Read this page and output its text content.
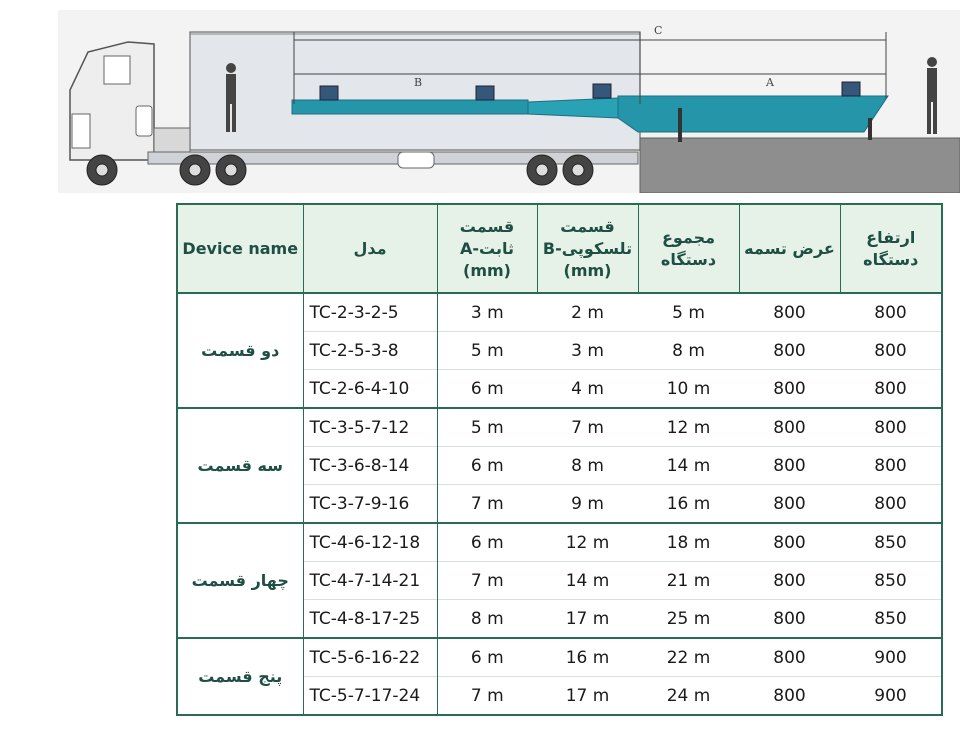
C
B	A
Device name	مدل	قسمت ثابت-A (mm)	قسمت تلسکوپی-B (mm)	مجموع دستگاه	عرض تسمه	ارتفاع دستگاه
دو قسمت	TC-2-3-2-5	3 m	2 m	5 m	800	800
	TC-2-5-3-8	5 m	3 m	8 m	800	800
	TC-2-6-4-10	6 m	4 m	10 m	800	800
سه قسمت	TC-3-5-7-12	5 m	7 m	12 m	800	800
	TC-3-6-8-14	6 m	8 m	14 m	800	800
	TC-3-7-9-16	7 m	9 m	16 m	800	800
چهار قسمت	TC-4-6-12-18	6 m	12 m	18 m	800	850
	TC-4-7-14-21	7 m	14 m	21 m	800	850
	TC-4-8-17-25	8 m	17 m	25 m	800	850
پنج قسمت	TC-5-6-16-22	6 m	16 m	22 m	800	900
	TC-5-7-17-24	7 m	17 m	24 m	800	900
